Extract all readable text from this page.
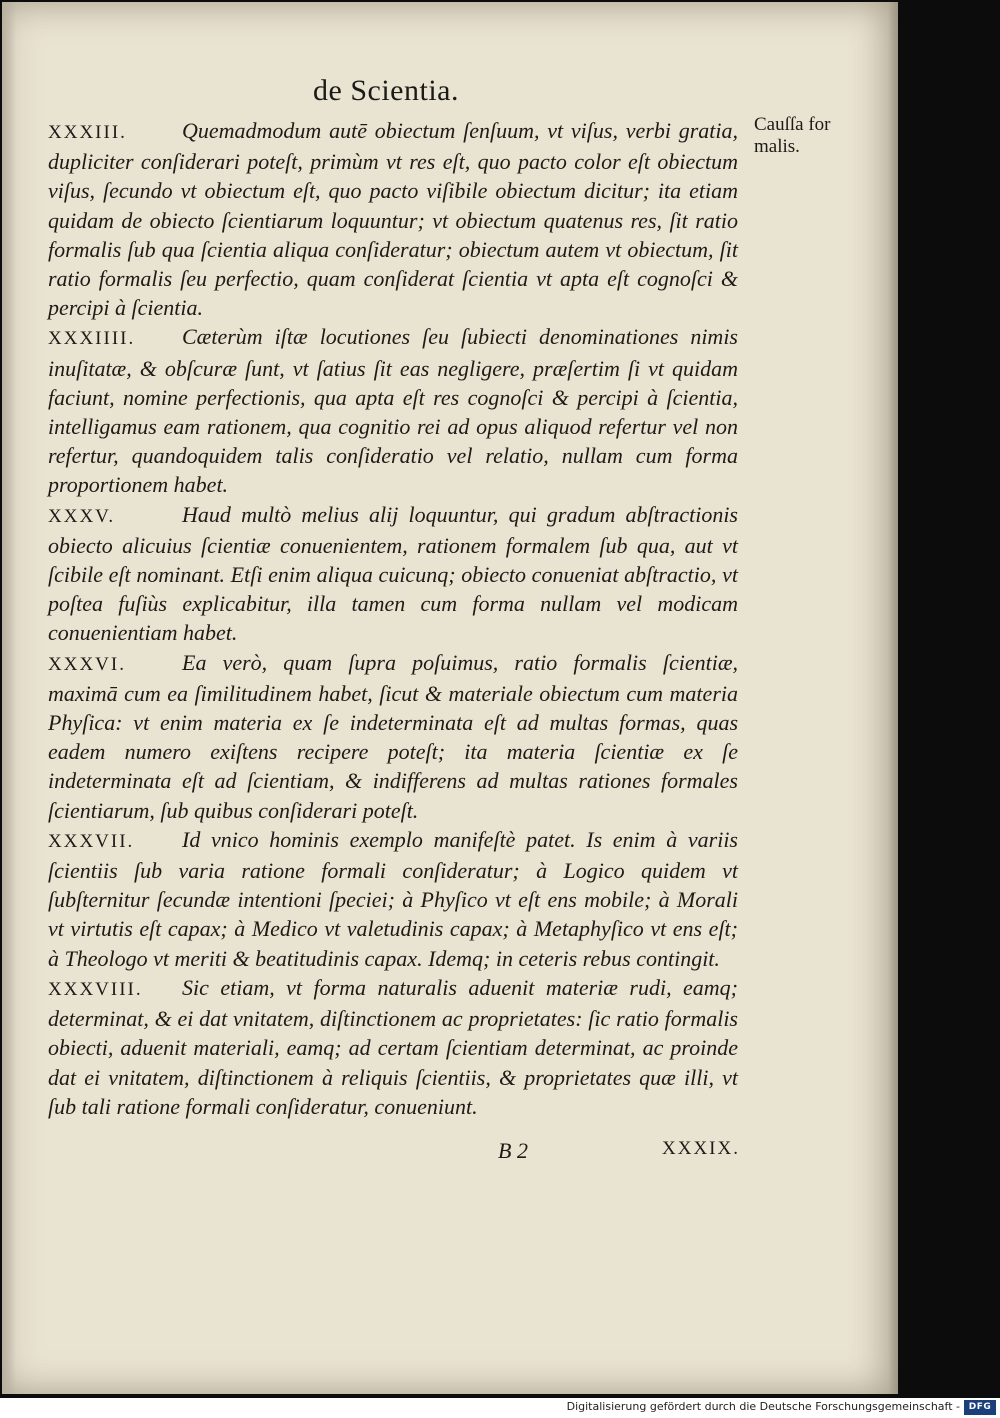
de Scientia.
Cauſſa for malis.

XXXIII.	Quemadmodum autē obiectum ſenſuum, vt viſus, verbi gratia, dupliciter conſiderari poteſt, primùm vt res eſt, quo pacto color eſt obiectum viſus, ſecundo vt obiectum eſt, quo pacto viſibile obiectum dicitur; ita etiam quidam de obiecto ſcientiarum loquuntur; vt obiectum quatenus res, ſit ratio formalis ſub qua ſcientia aliqua conſideratur; obiectum autem vt obiectum, ſit ratio formalis ſeu perfectio, quam conſiderat ſcientia vt apta eſt cognoſci & percipi à ſcientia.

XXXIIII. Cæterùm iſtæ locutiones ſeu ſubiecti denominationes nimis inuſitatæ, & obſcuræ ſunt, vt ſatius ſit eas negligere, præſertim ſi vt quidam faciunt, nomine perfectionis, qua apta eſt res cognoſci & percipi à ſcientia, intelligamus eam rationem, qua cognitio rei ad opus aliquod refertur vel non refertur, quandoquidem talis conſideratio vel relatio, nullam cum forma proportionem habet.

XXXV.	Haud multò melius alij loquuntur, qui gradum abſtractionis obiecto alicuius ſcientiæ conuenientem, rationem formalem ſub qua, aut vt ſcibile eſt nominant. Etſi enim aliqua cuicunq; obiecto conueniat abſtractio, vt poſtea fuſiùs explicabitur, illa tamen cum forma nullam vel modicam conuenientiam habet.

XXXVI.	Ea verò, quam ſupra poſuimus, ratio formalis ſcientiæ, maximā cum ea ſimilitudinem habet, ſicut & materiale obiectum cum materia Phyſica: vt enim materia ex ſe indeterminata eſt ad multas formas, quas eadem numero exiſtens recipere poteſt; ita materia ſcientiæ ex ſe indeterminata eſt ad ſcientiam, & indifferens ad multas rationes formales ſcientiarum, ſub quibus conſiderari poteſt.

XXXVII. Id vnico hominis exemplo manifeſtè patet. Is enim à variis ſcientiis ſub varia ratione formali conſideratur; à Logico quidem vt ſubſternitur ſecundæ intentioni ſpeciei; à Phyſico vt eſt ens mobile; à Morali vt virtutis eſt capax; à Medico vt valetudinis capax; à Metaphyſico vt ens eſt; à Theologo vt meriti & beatitudinis capax. Idemq; in ceteris rebus contingit.

XXXVIII. Sic etiam, vt forma naturalis aduenit materiæ rudi, eamq; determinat, & ei dat vnitatem, diſtinctionem ac proprietates: ſic ratio formalis obiecti, aduenit materiali, eamq; ad certam ſcientiam determinat, ac proinde dat ei vnitatem, diſtinctionem à reliquis ſcientiis, & proprietates quæ illi, vt ſub tali ratione formali conſideratur, conueniunt.

B 2	XXXIX.
Digitalisierung gefördert durch die Deutsche Forschungsgemeinschaft - DFG
